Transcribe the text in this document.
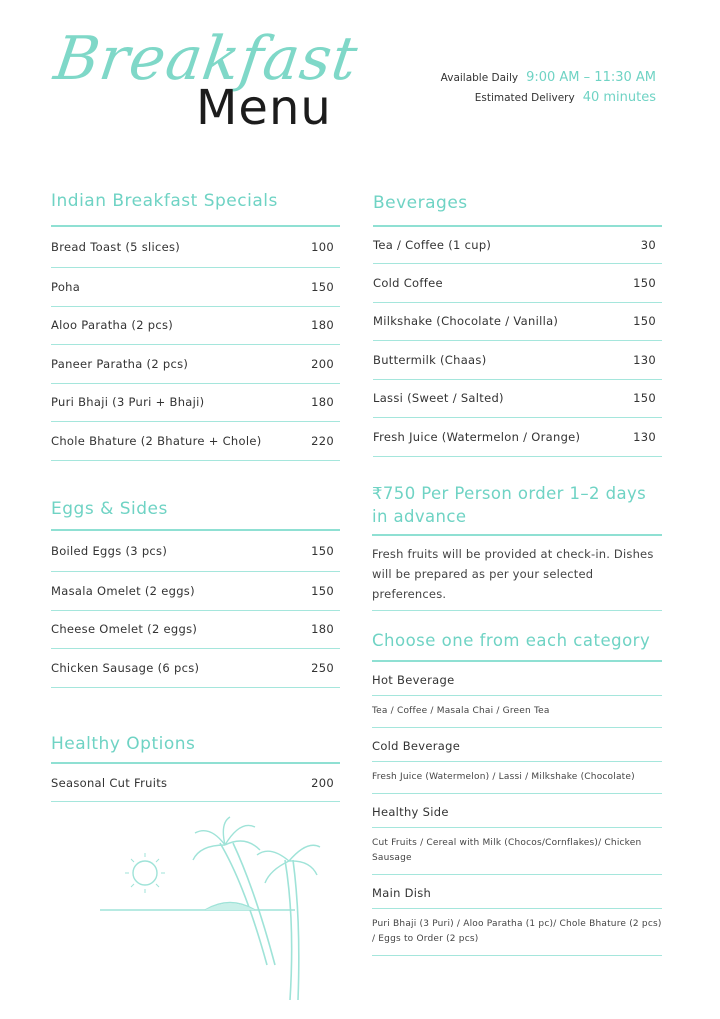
Breakfast
Menu
Available Daily 9:00 AM – 11:30 AM
Estimated Delivery 40 minutes
Indian Breakfast Specials
Bread Toast (5 slices)	100
Poha	150
Aloo Paratha (2 pcs)	180
Paneer Paratha (2 pcs)	200
Puri Bhaji (3 Puri + Bhaji)	180
Chole Bhature (2 Bhature + Chole)	220
Eggs & Sides
Boiled Eggs (3 pcs)	150
Masala Omelet (2 eggs)	150
Cheese Omelet (2 eggs)	180
Chicken Sausage (6 pcs)	250
Healthy Options
Seasonal Cut Fruits	200
Beverages
Tea / Coffee (1 cup)	30
Cold Coffee	150
Milkshake (Chocolate / Vanilla)	150
Buttermilk (Chaas)	130
Lassi (Sweet / Salted)	150
Fresh Juice (Watermelon / Orange)	130
₹750 Per Person order 1–2 days in advance
Fresh fruits will be provided at check-in. Dishes will be prepared as per your selected preferences.
Choose one from each category
Hot Beverage
Tea / Coffee / Masala Chai / Green Tea
Cold Beverage
Fresh Juice (Watermelon) / Lassi / Milkshake (Chocolate)
Healthy Side
Cut Fruits / Cereal with Milk (Chocos/Cornflakes)/ Chicken Sausage
Main Dish
Puri Bhaji (3 Puri) / Aloo Paratha (1 pc)/ Chole Bhature (2 pcs) / Eggs to Order (2 pcs)
